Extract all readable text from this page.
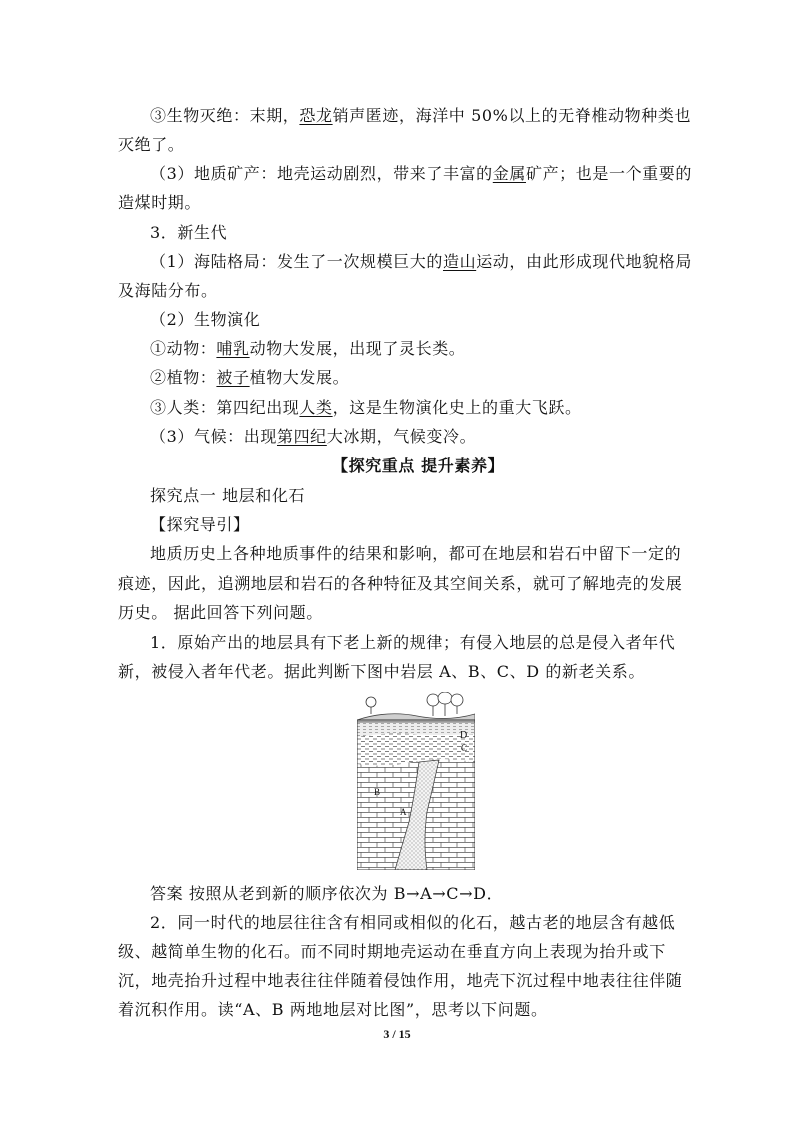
③生物灭绝：末期，恐龙销声匿迹，海洋中 50%以上的无脊椎动物种类也
灭绝了。
（3）地质矿产：地壳运动剧烈，带来了丰富的金属矿产；也是一个重要的
造煤时期。
3．新生代
（1）海陆格局：发生了一次规模巨大的造山运动，由此形成现代地貌格局
及海陆分布。
（2）生物演化
①动物：哺乳动物大发展，出现了灵长类。
②植物：被子植物大发展。
③人类：第四纪出现人类，这是生物演化史上的重大飞跃。
（3）气候：出现第四纪大冰期，气候变冷。
【探究重点 提升素养】
探究点一 地层和化石
【探究导引】
地质历史上各种地质事件的结果和影响，都可在地层和岩石中留下一定的
痕迹，因此，追溯地层和岩石的各种特征及其空间关系，就可了解地壳的发展
历史。 据此回答下列问题。
1．原始产出的地层具有下老上新的规律；有侵入地层的总是侵入者年代
新，被侵入者年代老。据此判断下图中岩层 A、B、C、D 的新老关系。
D
C
B
A
答案 按照从老到新的顺序依次为 B→A→C→D．
2．同一时代的地层往往含有相同或相似的化石，越古老的地层含有越低
级、越简单生物的化石。而不同时期地壳运动在垂直方向上表现为抬升或下
沉，地壳抬升过程中地表往往伴随着侵蚀作用，地壳下沉过程中地表往往伴随
着沉积作用。读“A、B 两地地层对比图”，思考以下问题。
3 / 15
